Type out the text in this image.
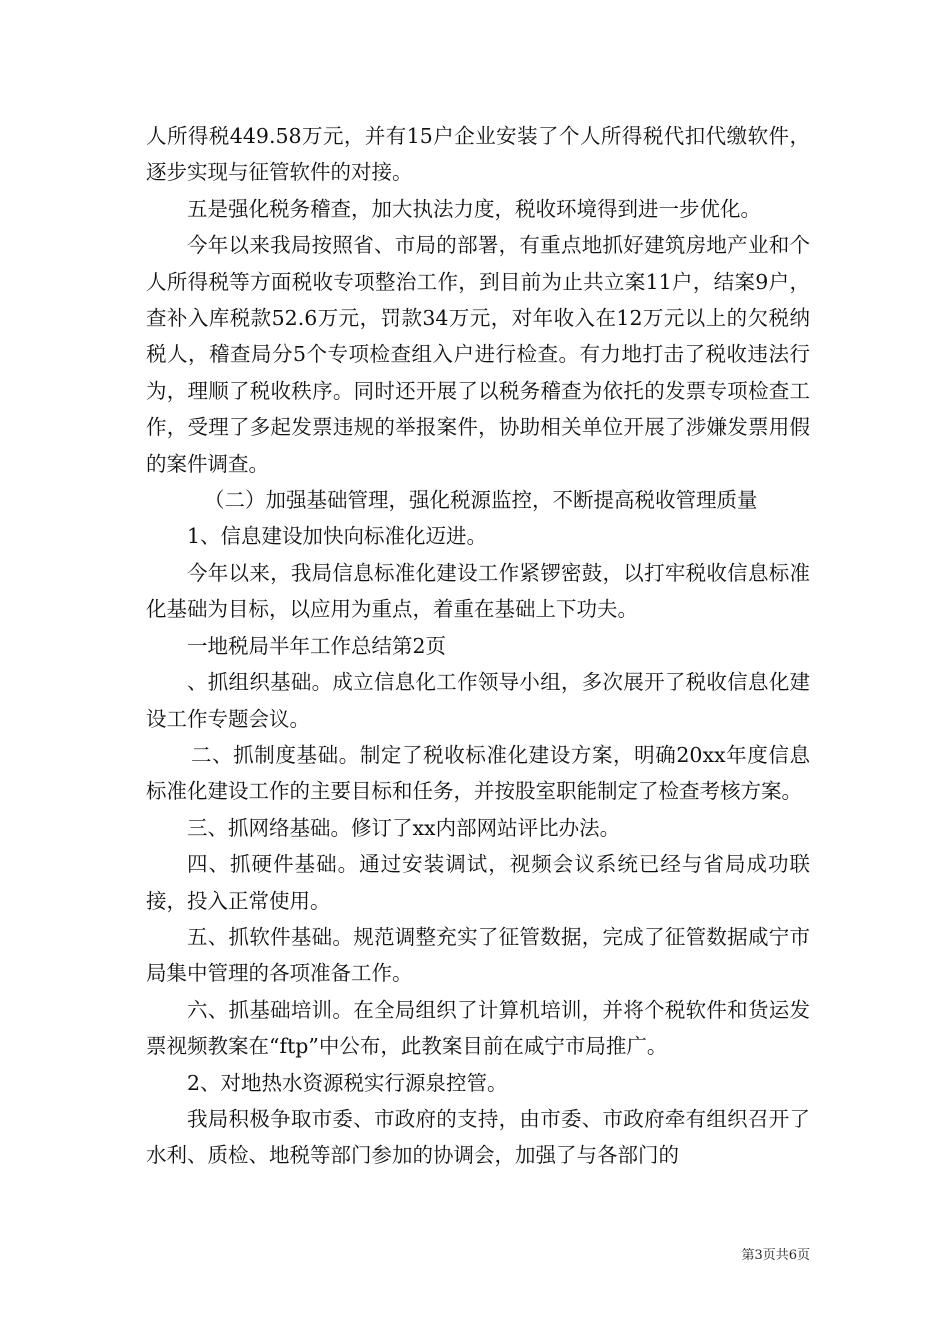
人所得税449.58万元，并有15户企业安装了个人所得税代扣代缴软件，逐步实现与征管软件的对接。

五是强化税务稽查，加大执法力度，税收环境得到进一步优化。

今年以来我局按照省、市局的部署，有重点地抓好建筑房地产业和个人所得税等方面税收专项整治工作，到目前为止共立案11户，结案9户，查补入库税款52.6万元，罚款34万元，对年收入在12万元以上的欠税纳税人，稽查局分5个专项检查组入户进行检查。有力地打击了税收违法行为，理顺了税收秩序。同时还开展了以税务稽查为依托的发票专项检查工作，受理了多起发票违规的举报案件，协助相关单位开展了涉嫌发票用假的案件调查。

（二）加强基础管理，强化税源监控，不断提高税收管理质量

1、信息建设加快向标准化迈进。

今年以来，我局信息标准化建设工作紧锣密鼓，以打牢税收信息标准化基础为目标，以应用为重点，着重在基础上下功夫。

一地税局半年工作总结第2页

、抓组织基础。成立信息化工作领导小组，多次展开了税收信息化建设工作专题会议。

二、抓制度基础。制定了税收标准化建设方案，明确20xx年度信息标准化建设工作的主要目标和任务，并按股室职能制定了检查考核方案。

三、抓网络基础。修订了xx内部网站评比办法。

四、抓硬件基础。通过安装调试，视频会议系统已经与省局成功联接，投入正常使用。

五、抓软件基础。规范调整充实了征管数据，完成了征管数据咸宁市局集中管理的各项准备工作。

六、抓基础培训。在全局组织了计算机培训，并将个税软件和货运发票视频教案在“ftp”中公布，此教案目前在咸宁市局推广。

2、对地热水资源税实行源泉控管。

我局积极争取市委、市政府的支持，由市委、市政府牵有组织召开了水利、质检、地税等部门参加的协调会，加强了与各部门的

第3页共6页
